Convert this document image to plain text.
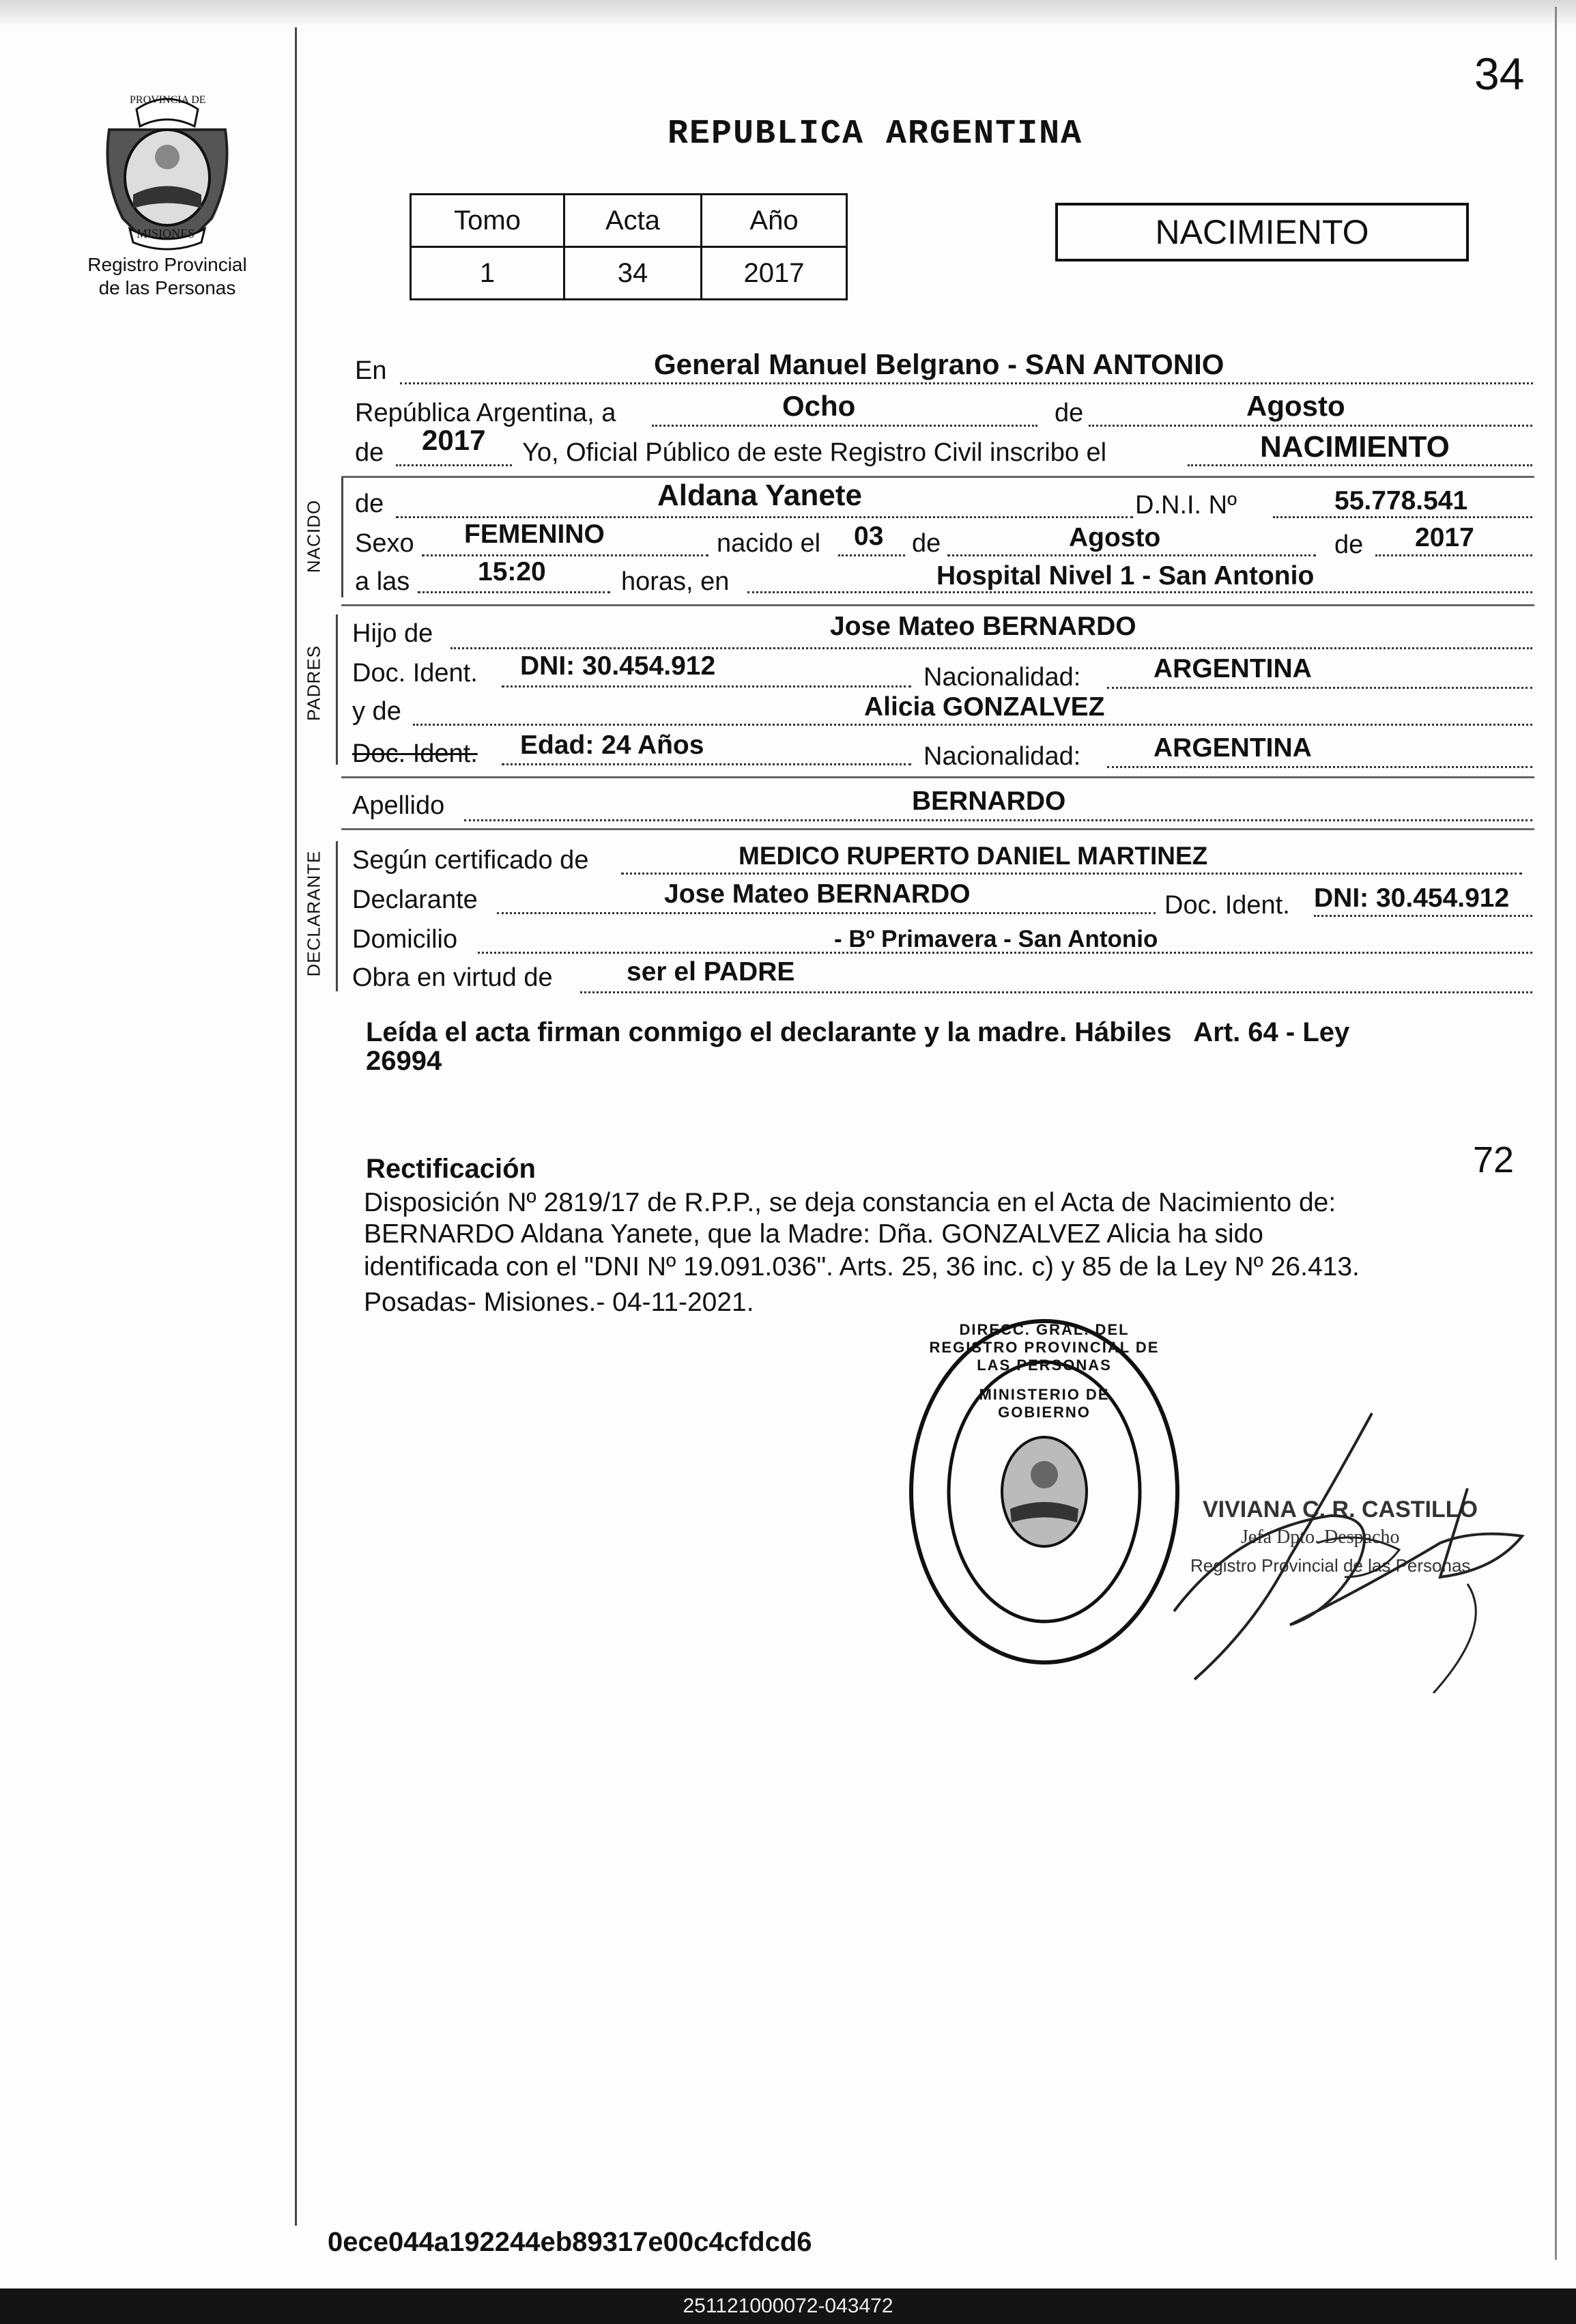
34
PROVINCIA DE
MISIONES
Registro Provincial
de las Personas
REPUBLICA ARGENTINA
Tomo	Acta	Año
1	34	2017
NACIMIENTO
En	General Manuel Belgrano - SAN ANTONIO
República Argentina, a	Ocho	de	Agosto
de 2017 Yo, Oficial Público de este Registro Civil inscribo el	NACIMIENTO
NACIDO de	Aldana Yanete	D.N.I. Nº	55.778.541
Sexo FEMENINO	nacido el 03 de	Agosto	de 2017
a las	15:20	horas, en	Hospital Nivel 1 - San Antonio
PADRES
Hijo de	Jose Mateo BERNARDO
Doc. Ident. DNI: 30.454.912	Nacionalidad:	ARGENTINA
y de	Alicia GONZALVEZ
Doc. Ident. Edad: 24 Años	Nacionalidad:	ARGENTINA
Apellido	BERNARDO
DECLARANTE Según certificado de	MEDICO RUPERTO DANIEL MARTINEZ
Declarante	Jose Mateo BERNARDO	Doc. Ident. DNI: 30.454.912
Domicilio	- Bº Primavera - San Antonio
Obra en virtud de	ser el PADRE
Leída el acta firman conmigo el declarante y la madre. Hábiles   Art. 64 - Ley
26994
Rectificación	72
Disposición Nº 2819/17 de R.P.P., se deja constancia en el Acta de Nacimiento de:
BERNARDO Aldana Yanete, que la Madre: Dña. GONZALVEZ Alicia ha sido
identificada con el "DNI Nº 19.091.036". Arts. 25, 36 inc. c) y 85 de la Ley Nº 26.413.
Posadas- Misiones.- 04-11-2021.
DIRECC. GRAL. DEL REGISTRO PROVINCIAL DE LAS PERSONAS
MINISTERIO DE GOBIERNO
VIVIANA C. R. CASTILLO
Jefa Dpto. Despacho
Registro Provincial de las Personas
0ece044a192244eb89317e00c4cfdcd6
251121000072-043472
